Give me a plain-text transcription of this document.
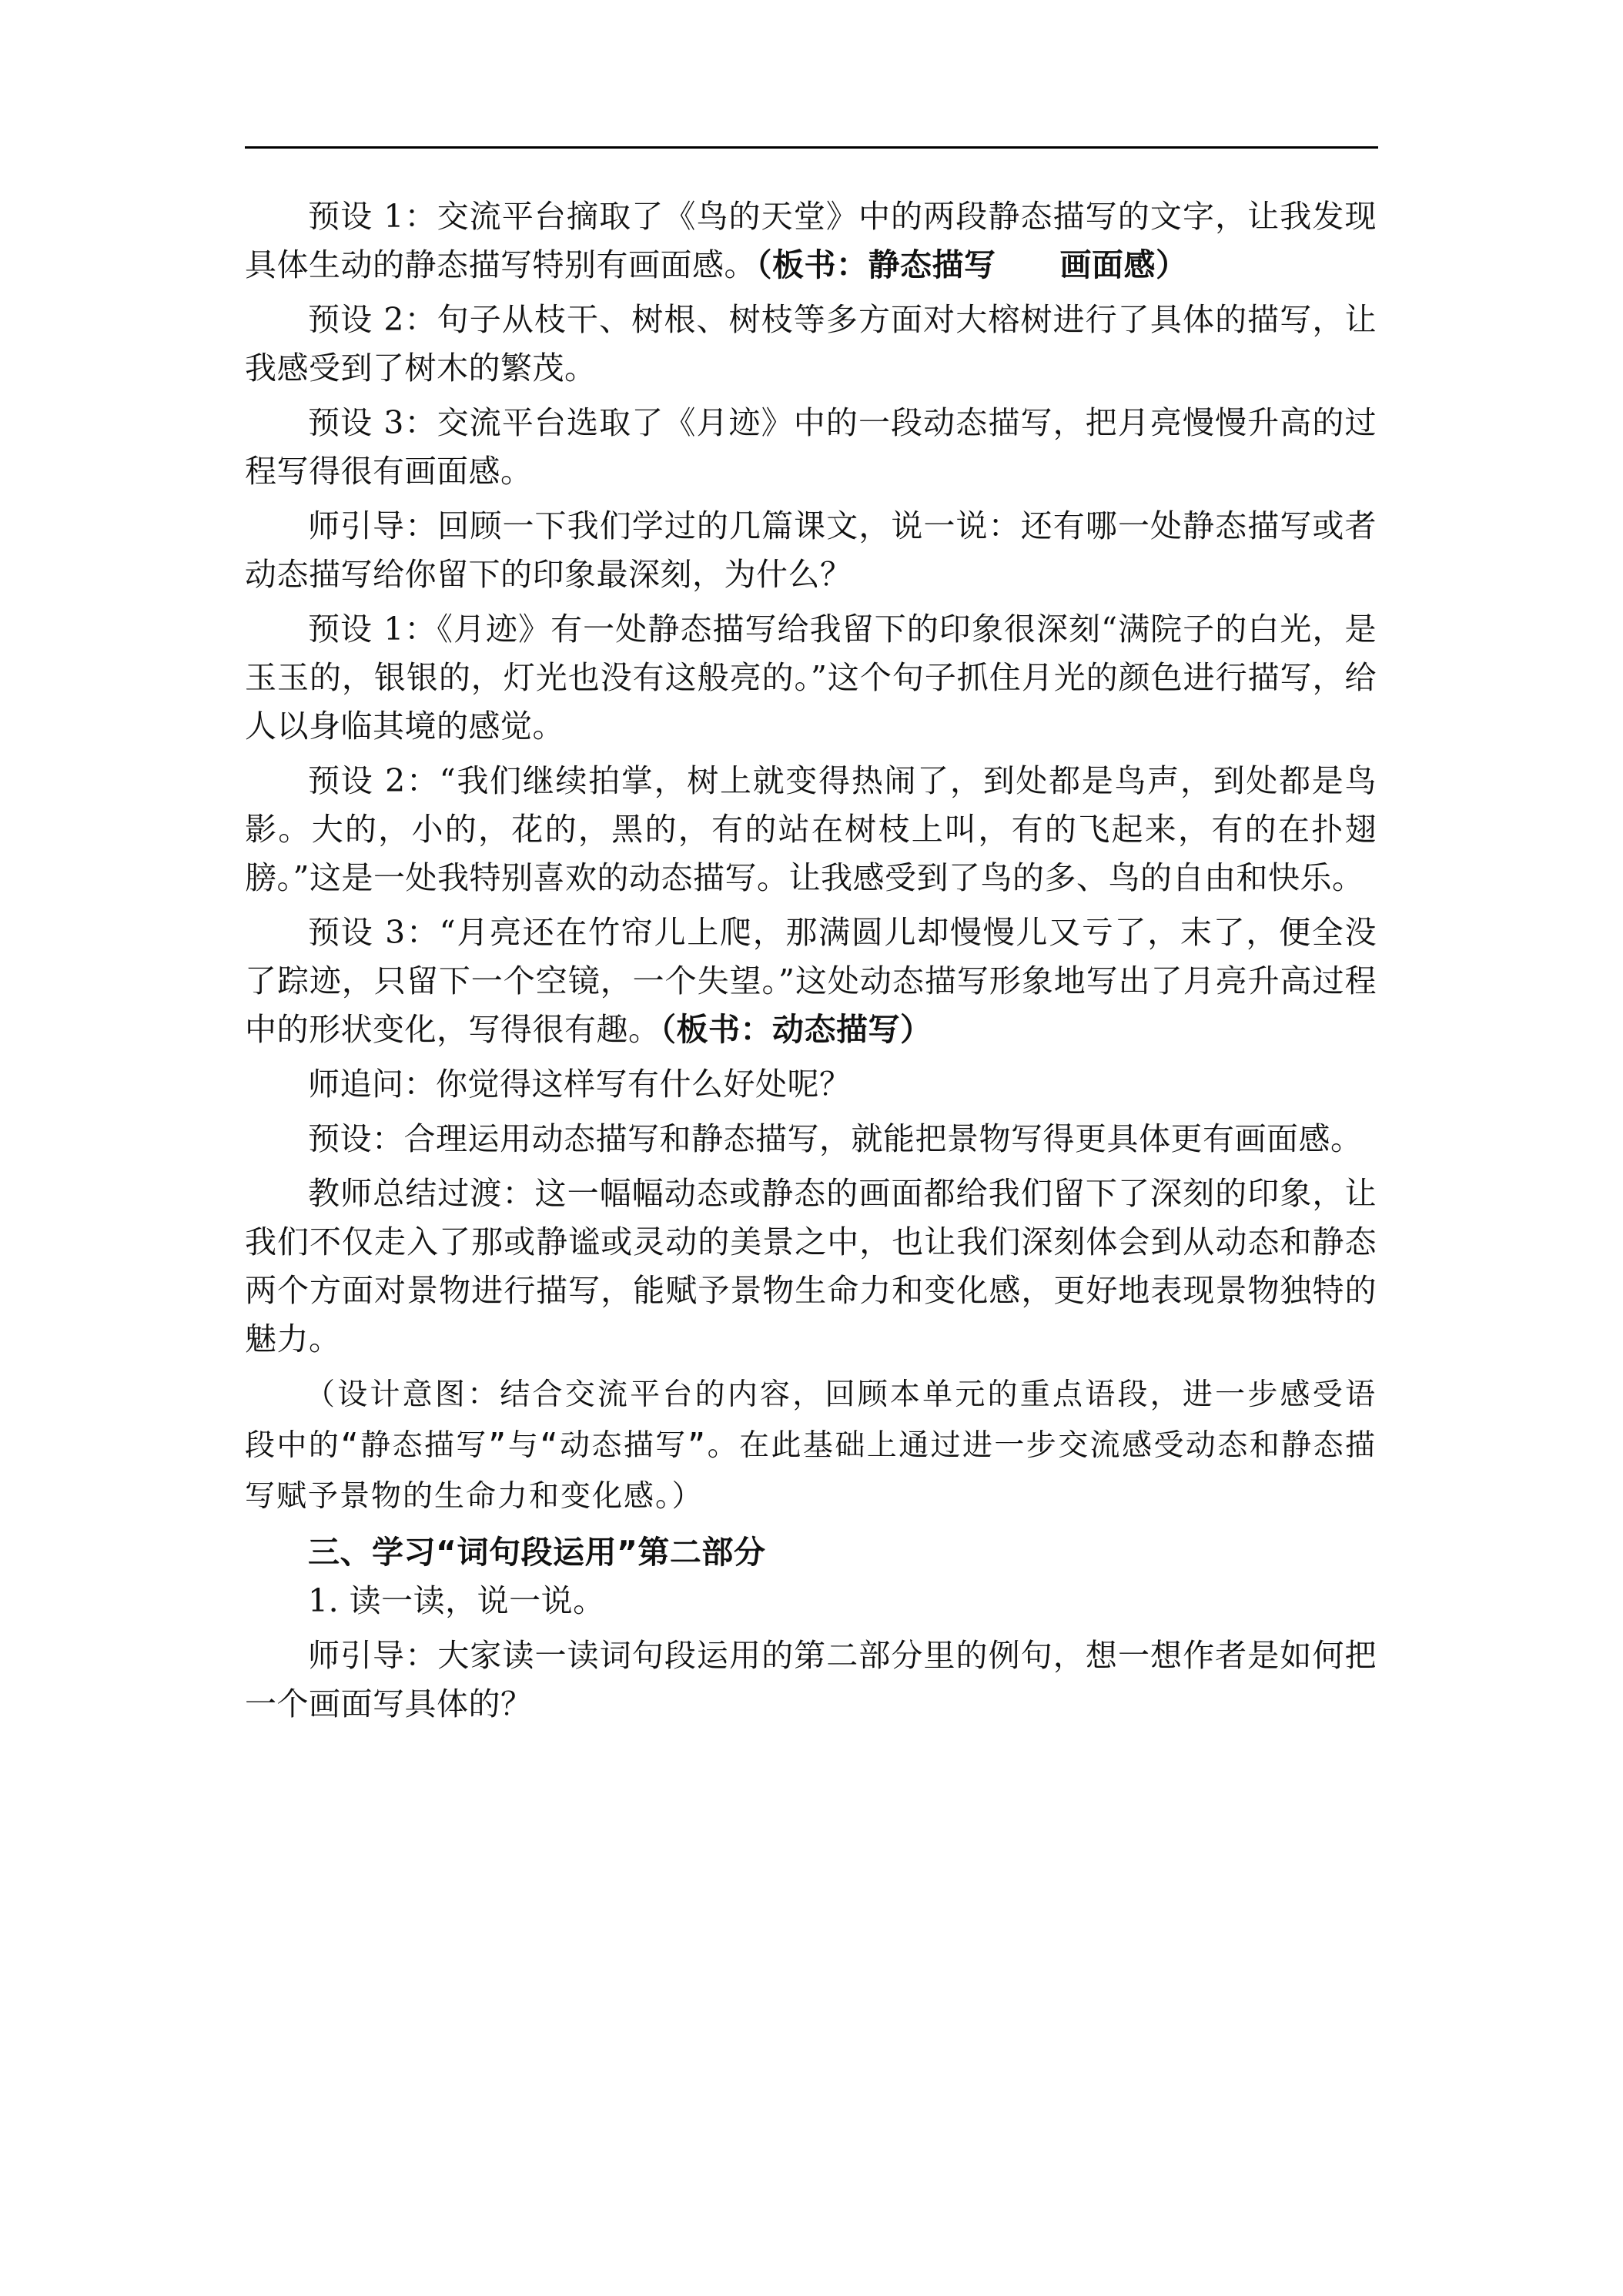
预设 1：交流平台摘取了《鸟的天堂》中的两段静态描写的文字，让我发现具体生动的静态描写特别有画面感。（板书：静态描写　　画面感）

预设 2：句子从枝干、树根、树枝等多方面对大榕树进行了具体的描写，让我感受到了树木的繁茂。

预设 3：交流平台选取了《月迹》中的一段动态描写，把月亮慢慢升高的过程写得很有画面感。

师引导：回顾一下我们学过的几篇课文，说一说：还有哪一处静态描写或者动态描写给你留下的印象最深刻，为什么？

预设 1：《月迹》有一处静态描写给我留下的印象很深刻“满院子的白光，是玉玉的，银银的，灯光也没有这般亮的。”这个句子抓住月光的颜色进行描写，给人以身临其境的感觉。

预设 2：“我们继续拍掌，树上就变得热闹了，到处都是鸟声，到处都是鸟影。大的，小的，花的，黑的，有的站在树枝上叫，有的飞起来，有的在扑翅膀。”这是一处我特别喜欢的动态描写。让我感受到了鸟的多、鸟的自由和快乐。

预设 3：“月亮还在竹帘儿上爬，那满圆儿却慢慢儿又亏了，末了，便全没了踪迹，只留下一个空镜，一个失望。”这处动态描写形象地写出了月亮升高过程中的形状变化，写得很有趣。（板书：动态描写）

师追问：你觉得这样写有什么好处呢？

预设：合理运用动态描写和静态描写，就能把景物写得更具体更有画面感。

教师总结过渡：这一幅幅动态或静态的画面都给我们留下了深刻的印象，让我们不仅走入了那或静谧或灵动的美景之中，也让我们深刻体会到从动态和静态两个方面对景物进行描写，能赋予景物生命力和变化感，更好地表现景物独特的魅力。

（设计意图：结合交流平台的内容，回顾本单元的重点语段，进一步感受语段中的“静态描写”与“动态描写”。在此基础上通过进一步交流感受动态和静态描写赋予景物的生命力和变化感。）

三、学习“词句段运用”第二部分

1. 读一读，说一说。

师引导：大家读一读词句段运用的第二部分里的例句，想一想作者是如何把一个画面写具体的？
